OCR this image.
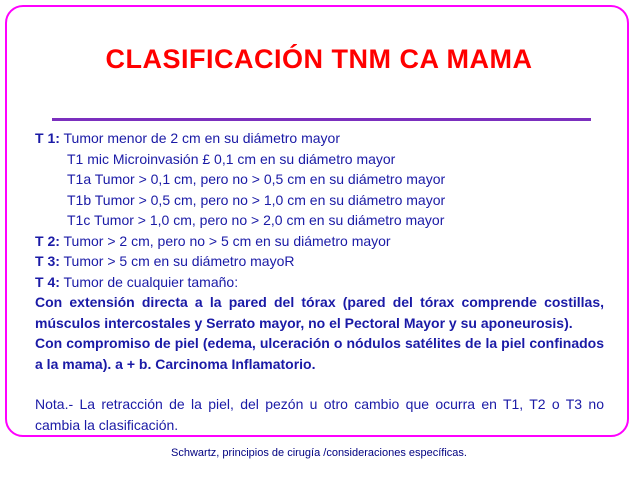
CLASIFICACIÓN TNM CA MAMA
T 1: Tumor menor de 2 cm en su diámetro mayor
T1 mic Microinvasión £ 0,1 cm en su diámetro mayor
T1a Tumor > 0,1 cm, pero no > 0,5 cm en su diámetro mayor
T1b Tumor > 0,5 cm, pero no > 1,0 cm en su diámetro mayor
T1c Tumor > 1,0 cm, pero no > 2,0 cm en su diámetro mayor
T 2: Tumor > 2 cm, pero no > 5 cm en su diámetro mayor
T 3: Tumor > 5 cm en su diámetro mayoR
T 4: Tumor de cualquier tamaño:
Con extensión directa a la pared del tórax (pared del tórax comprende costillas, músculos intercostales y Serrato mayor, no el Pectoral Mayor y su aponeurosis).
Con compromiso de piel (edema, ulceración o nódulos satélites de la piel confinados a la mama). a + b. Carcinoma Inflamatorio.
Nota.- La retracción de la piel, del pezón u otro cambio que ocurra en T1, T2 o T3 no cambia la clasificación.
Schwartz, principios de cirugía /consideraciones específicas.
